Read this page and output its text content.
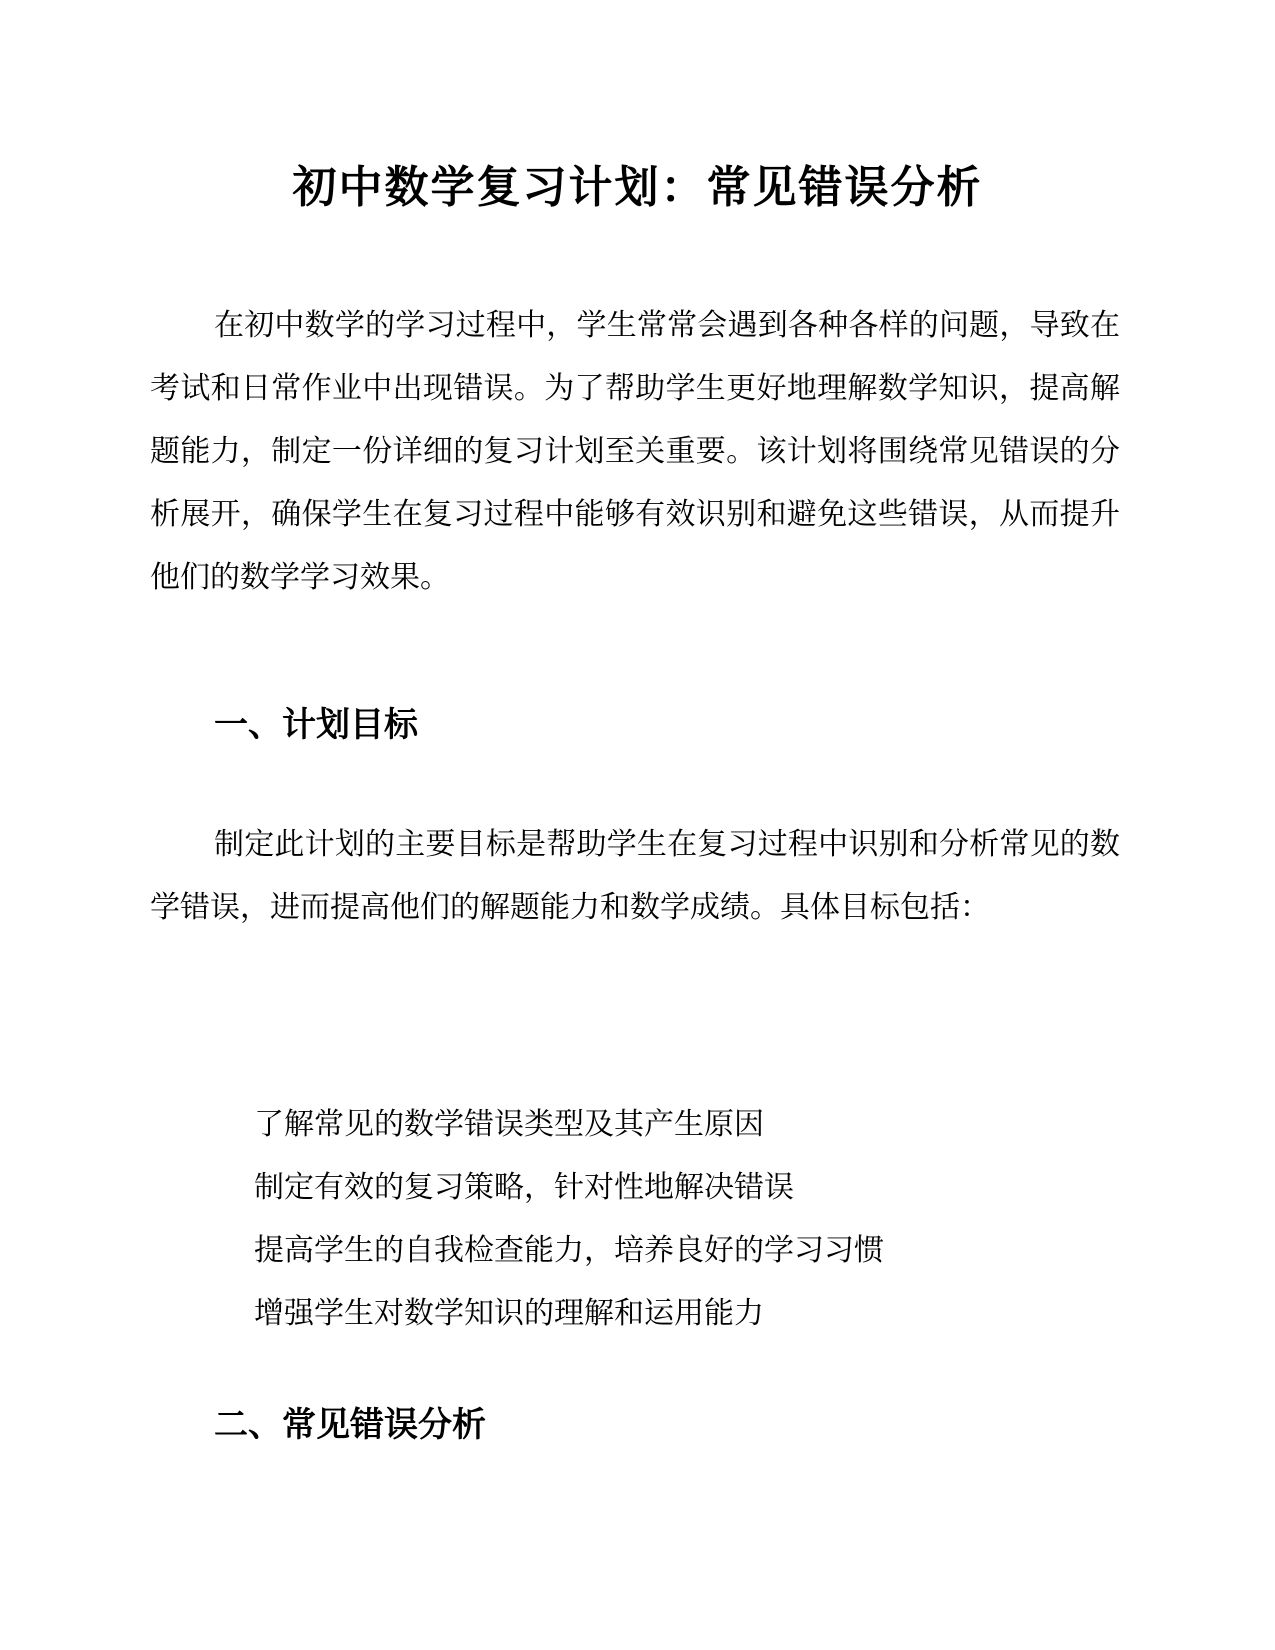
初中数学复习计划：常见错误分析

在初中数学的学习过程中，学生常常会遇到各种各样的问题，导致在考试和日常作业中出现错误。为了帮助学生更好地理解数学知识，提高解题能力，制定一份详细的复习计划至关重要。该计划将围绕常见错误的分析展开，确保学生在复习过程中能够有效识别和避免这些错误，从而提升他们的数学学习效果。

一、计划目标

制定此计划的主要目标是帮助学生在复习过程中识别和分析常见的数学错误，进而提高他们的解题能力和数学成绩。具体目标包括：

了解常见的数学错误类型及其产生原因
制定有效的复习策略，针对性地解决错误
提高学生的自我检查能力，培养良好的学习习惯
增强学生对数学知识的理解和运用能力
二、常见错误分析
